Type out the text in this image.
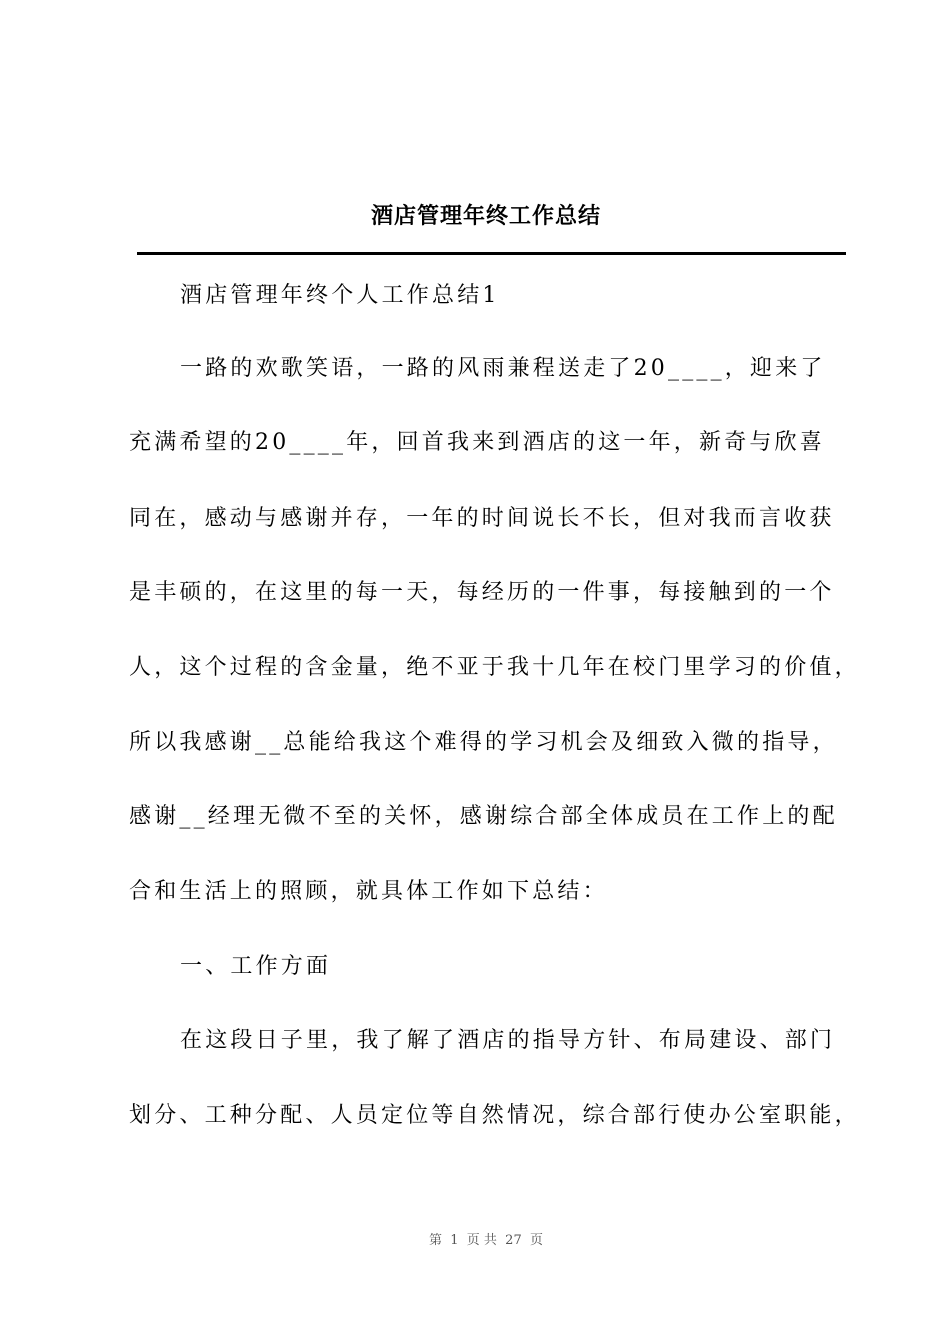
酒店管理年终工作总结
酒店管理年终个人工作总结1
一路的欢歌笑语，一路的风雨兼程送走了20____，迎来了
充满希望的20____年，回首我来到酒店的这一年，新奇与欣喜
同在，感动与感谢并存，一年的时间说长不长，但对我而言收获
是丰硕的，在这里的每一天，每经历的一件事，每接触到的一个
人，这个过程的含金量，绝不亚于我十几年在校门里学习的价值，
所以我感谢__总能给我这个难得的学习机会及细致入微的指导，
感谢__经理无微不至的关怀，感谢综合部全体成员在工作上的配
合和生活上的照顾，就具体工作如下总结：
一、工作方面
在这段日子里，我了解了酒店的指导方针、布局建设、部门
划分、工种分配、人员定位等自然情况，综合部行使办公室职能，
第  1  页 共  27  页
